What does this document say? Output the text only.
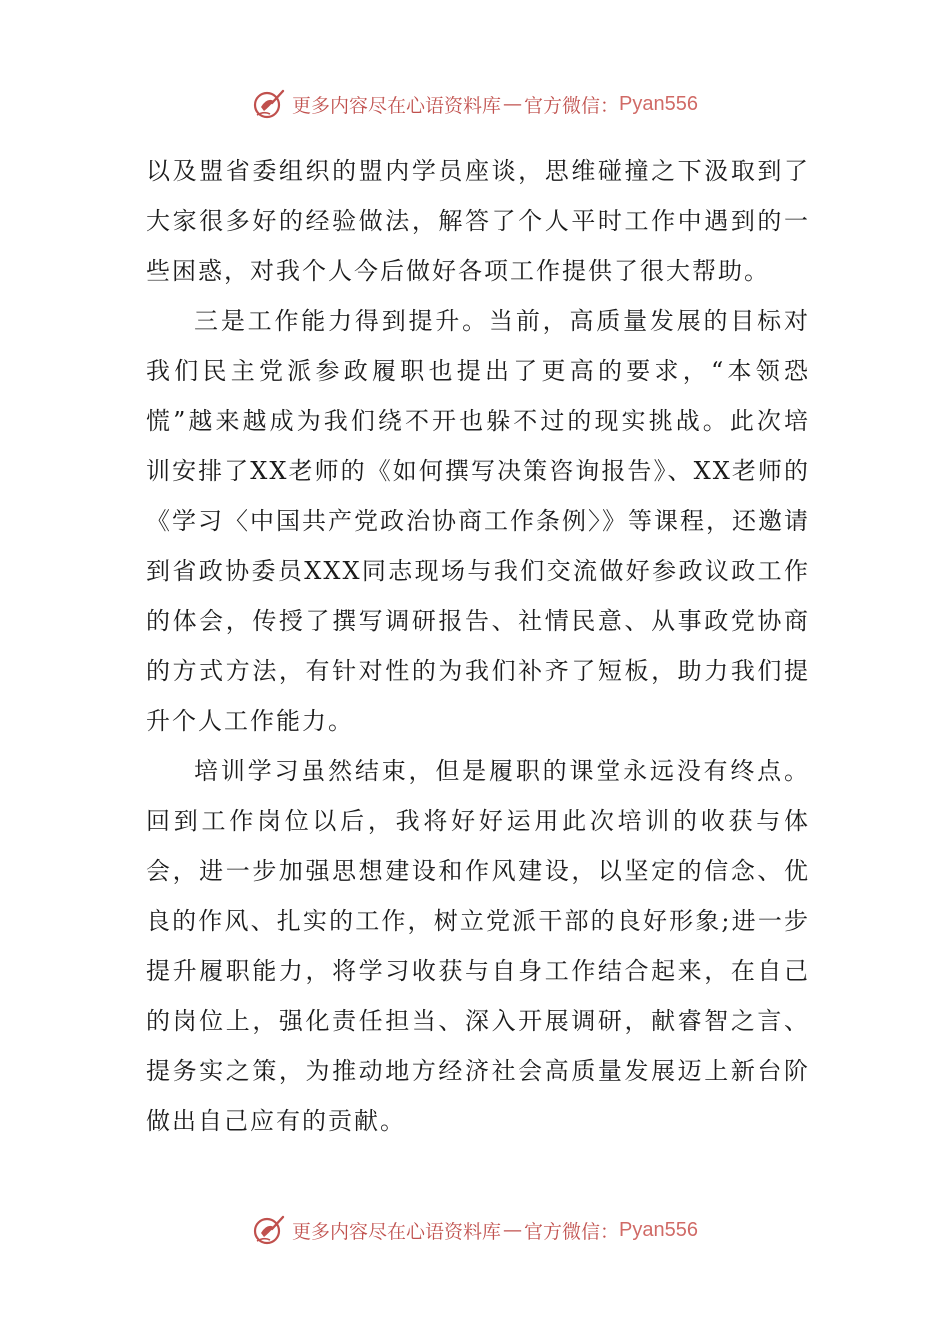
更多内容尽在心语资料库 — 官方微信： Pyan556

以及盟省委组织的盟内学员座谈，思维碰撞之下汲取到了大家很多好的经验做法，解答了个人平时工作中遇到的一些困惑，对我个人今后做好各项工作提供了很大帮助。

三是工作能力得到提升。当前，高质量发展的目标对我们民主党派参政履职也提出了更高的要求，“本领恐慌”越来越成为我们绕不开也躲不过的现实挑战。此次培训安排了XX老师的《如何撰写决策咨询报告》、XX老师的《学习〈中国共产党政治协商工作条例〉》等课程，还邀请到省政协委员XXX同志现场与我们交流做好参政议政工作的体会，传授了撰写调研报告、社情民意、从事政党协商的方式方法，有针对性的为我们补齐了短板，助力我们提升个人工作能力。

培训学习虽然结束，但是履职的课堂永远没有终点。回到工作岗位以后，我将好好运用此次培训的收获与体会，进一步加强思想建设和作风建设，以坚定的信念、优良的作风、扎实的工作，树立党派干部的良好形象;进一步提升履职能力，将学习收获与自身工作结合起来，在自己的岗位上，强化责任担当、深入开展调研，献睿智之言、提务实之策，为推动地方经济社会高质量发展迈上新台阶做出自己应有的贡献。

更多内容尽在心语资料库 — 官方微信： Pyan556
